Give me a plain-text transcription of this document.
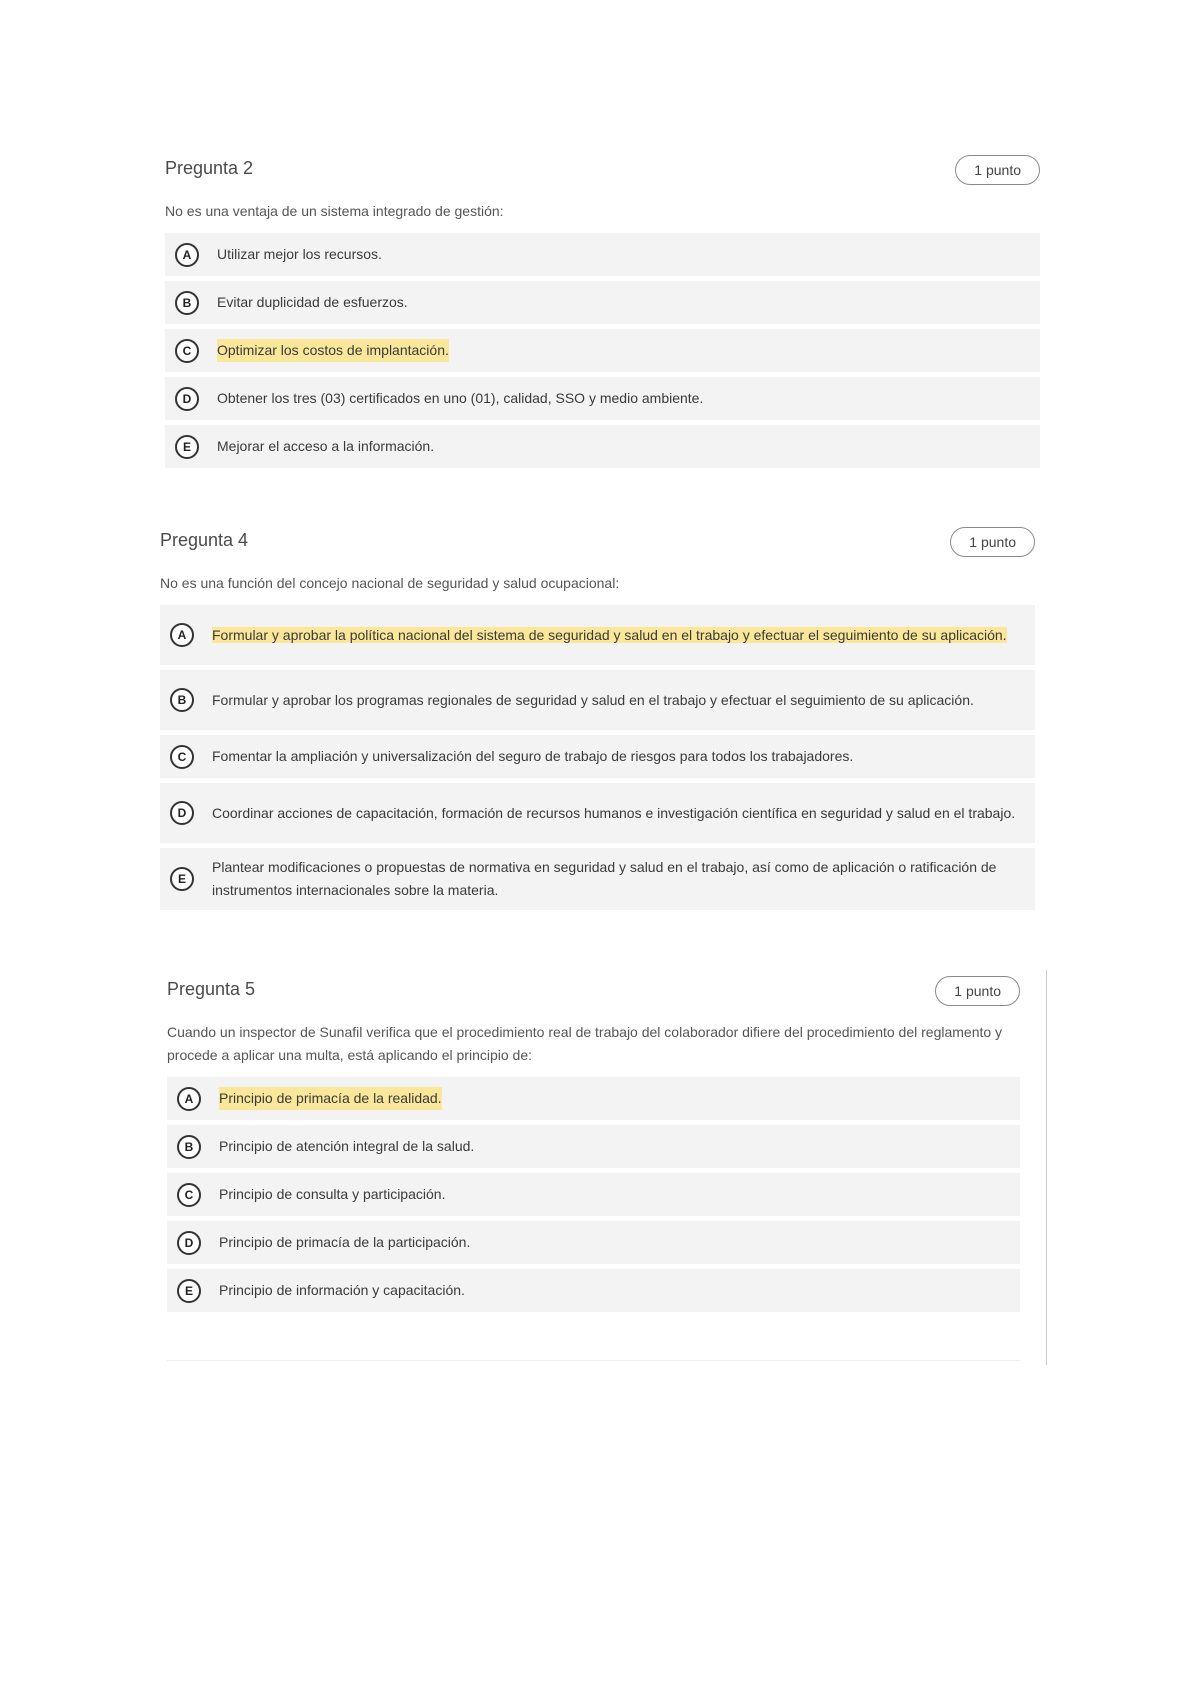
Pregunta 2	1 punto
No es una ventaja de un sistema integrado de gestión:
A	Utilizar mejor los recursos.
B	Evitar duplicidad de esfuerzos.
C	Optimizar los costos de implantación.
D	Obtener los tres (03) certificados en uno (01), calidad, SSO y medio ambiente.
E	Mejorar el acceso a la información.
Pregunta 4	1 punto
No es una función del concejo nacional de seguridad y salud ocupacional:
A	Formular y aprobar la política nacional del sistema de seguridad y salud en el trabajo y efectuar el seguimiento de su aplicación.
B	Formular y aprobar los programas regionales de seguridad y salud en el trabajo y efectuar el seguimiento de su aplicación.
C	Fomentar la ampliación y universalización del seguro de trabajo de riesgos para todos los trabajadores.
D	Coordinar acciones de capacitación, formación de recursos humanos e investigación científica en seguridad y salud en el trabajo.
E
Plantear modificaciones o propuestas de normativa en seguridad y salud en el trabajo, así como de aplicación o ratificación de instrumentos internacionales sobre la materia.
Pregunta 5	1 punto
Cuando un inspector de Sunafil verifica que el procedimiento real de trabajo del colaborador difiere del procedimiento del reglamento y procede a aplicar una multa, está aplicando el principio de:
A	Principio de primacía de la realidad.
B	Principio de atención integral de la salud.
C	Principio de consulta y participación.
D	Principio de primacía de la participación.
E	Principio de información y capacitación.
